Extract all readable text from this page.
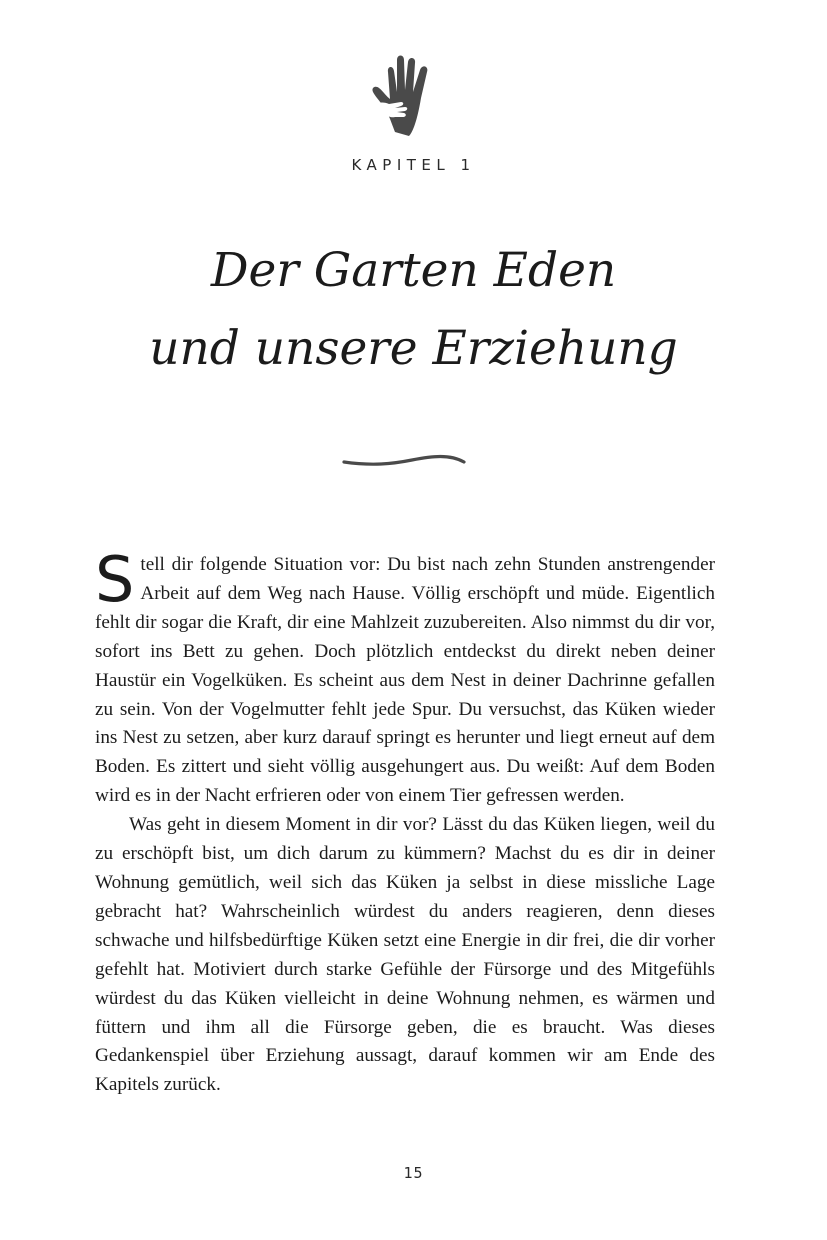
KAPITEL 1
Der Garten Eden
und unsere Erziehung

Stell dir folgende Situation vor: Du bist nach zehn Stunden anstrengender Arbeit auf dem Weg nach Hause. Völlig erschöpft und müde. Eigentlich fehlt dir sogar die Kraft, dir eine Mahlzeit zuzubereiten. Also nimmst du dir vor, sofort ins Bett zu gehen. Doch plötzlich entdeckst du direkt neben deiner Haustür ein Vogelküken. Es scheint aus dem Nest in deiner Dachrinne gefallen zu sein. Von der Vogelmutter fehlt jede Spur. Du versuchst, das Küken wieder ins Nest zu setzen, aber kurz darauf springt es herunter und liegt erneut auf dem Boden. Es zittert und sieht völlig ausgehungert aus. Du weißt: Auf dem Boden wird es in der Nacht erfrieren oder von einem Tier gefressen werden.

Was geht in diesem Moment in dir vor? Lässt du das Küken liegen, weil du zu erschöpft bist, um dich darum zu kümmern? Machst du es dir in deiner Wohnung gemütlich, weil sich das Küken ja selbst in diese missliche Lage gebracht hat? Wahrscheinlich würdest du anders reagieren, denn dieses schwache und hilfsbedürftige Küken setzt eine Energie in dir frei, die dir vorher gefehlt hat. Motiviert durch starke Gefühle der Fürsorge und des Mitgefühls würdest du das Küken vielleicht in deine Wohnung nehmen, es wärmen und füttern und ihm all die Fürsorge geben, die es braucht. Was dieses Gedankenspiel über Erziehung aussagt, darauf kommen wir am Ende des Kapitels zurück.

15
